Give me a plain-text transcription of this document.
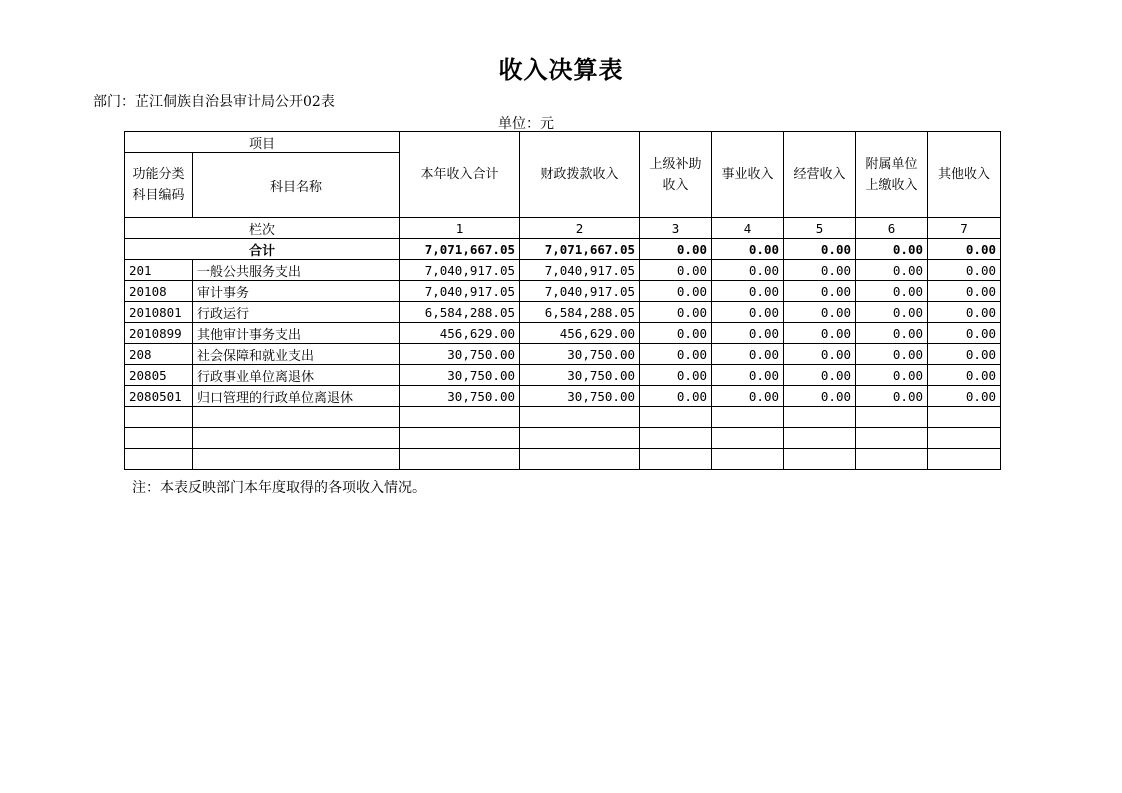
收入决算表
部门：芷江侗族自治县审计局公开02表
单位：元
项目		本年收入合计	财政拨款收入	上级补助收入	事业收入	经营收入	附属单位上缴收入	其他收入
功能分类科目编码	科目名称							
栏次		1	2	3	4	5	6	7
合计		7,071,667.05	7,071,667.05	0.00	0.00	0.00	0.00	0.00
201	一般公共服务支出	7,040,917.05	7,040,917.05	0.00	0.00	0.00	0.00	0.00
20108	审计事务	7,040,917.05	7,040,917.05	0.00	0.00	0.00	0.00	0.00
2010801	行政运行	6,584,288.05	6,584,288.05	0.00	0.00	0.00	0.00	0.00
2010899	其他审计事务支出	456,629.00	456,629.00	0.00	0.00	0.00	0.00	0.00
208	社会保障和就业支出	30,750.00	30,750.00	0.00	0.00	0.00	0.00	0.00
20805	行政事业单位离退休	30,750.00	30,750.00	0.00	0.00	0.00	0.00	0.00
2080501	归口管理的行政单位离退休	30,750.00	30,750.00	0.00	0.00	0.00	0.00	0.00

注：本表反映部门本年度取得的各项收入情况。
